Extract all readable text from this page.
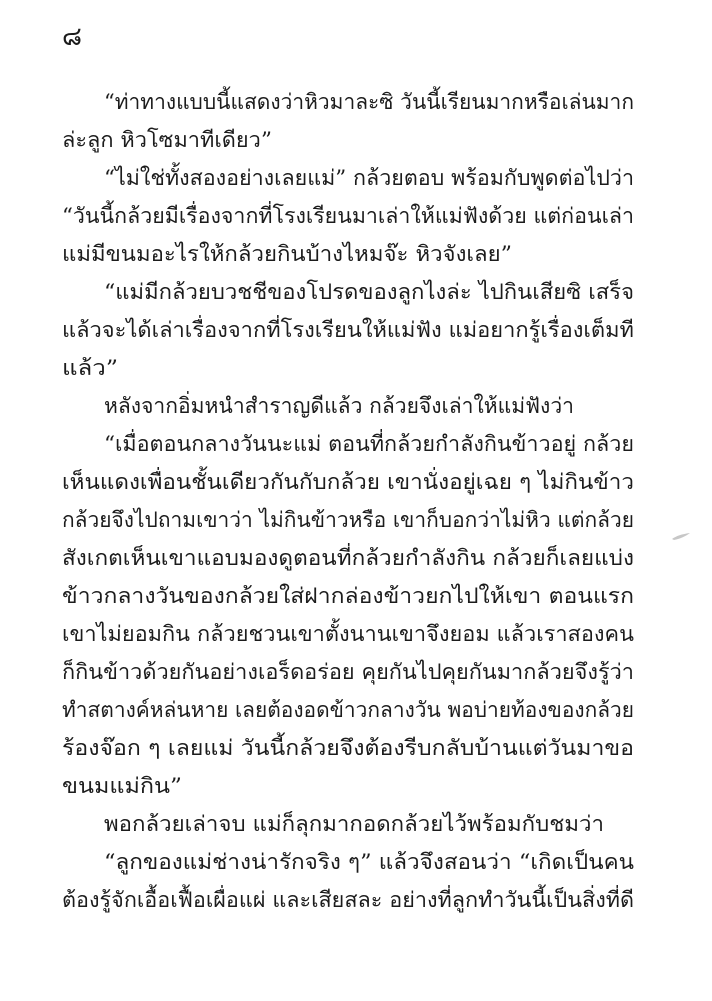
๘
“ท่าทางแบบนี้แสดงว่าหิวมาละซิ วันนี้เรียนมากหรือเล่นมาก
ล่ะลูก หิวโซมาทีเดียว”
“ไม่ใช่ทั้งสองอย่างเลยแม่” กล้วยตอบ พร้อมกับพูดต่อไปว่า
“วันนี้กล้วยมีเรื่องจากที่โรงเรียนมาเล่าให้แม่ฟังด้วย แต่ก่อนเล่า
แม่มีขนมอะไรให้กล้วยกินบ้างไหมจ๊ะ หิวจังเลย”
“แม่มีกล้วยบวชชีของโปรดของลูกไงล่ะ ไปกินเสียซิ เสร็จ
แล้วจะได้เล่าเรื่องจากที่โรงเรียนให้แม่ฟัง แม่อยากรู้เรื่องเต็มที
แล้ว”
หลังจากอิ่มหนำสำราญดีแล้ว กล้วยจึงเล่าให้แม่ฟังว่า
“เมื่อตอนกลางวันนะแม่ ตอนที่กล้วยกำลังกินข้าวอยู่ กล้วย
เห็นแดงเพื่อนชั้นเดียวกันกับกล้วย เขานั่งอยู่เฉย ๆ ไม่กินข้าว
กล้วยจึงไปถามเขาว่า ไม่กินข้าวหรือ เขาก็บอกว่าไม่หิว แต่กล้วย
สังเกตเห็นเขาแอบมองดูตอนที่กล้วยกำลังกิน กล้วยก็เลยแบ่ง
ข้าวกลางวันของกล้วยใส่ฝากล่องข้าวยกไปให้เขา ตอนแรก
เขาไม่ยอมกิน กล้วยชวนเขาตั้งนานเขาจึงยอม แล้วเราสองคน
ก็กินข้าวด้วยกันอย่างเอร็ดอร่อย คุยกันไปคุยกันมากล้วยจึงรู้ว่า
ทำสตางค์หล่นหาย เลยต้องอดข้าวกลางวัน พอบ่ายท้องของกล้วย
ร้องจ๊อก ๆ เลยแม่ วันนี้กล้วยจึงต้องรีบกลับบ้านแต่วันมาขอ
ขนมแม่กิน”
พอกล้วยเล่าจบ แม่ก็ลุกมากอดกล้วยไว้พร้อมกับชมว่า
“ลูกของแม่ช่างน่ารักจริง ๆ” แล้วจึงสอนว่า “เกิดเป็นคน
ต้องรู้จักเอื้อเฟื้อเผื่อแผ่ และเสียสละ อย่างที่ลูกทำวันนี้เป็นสิ่งที่ดี
